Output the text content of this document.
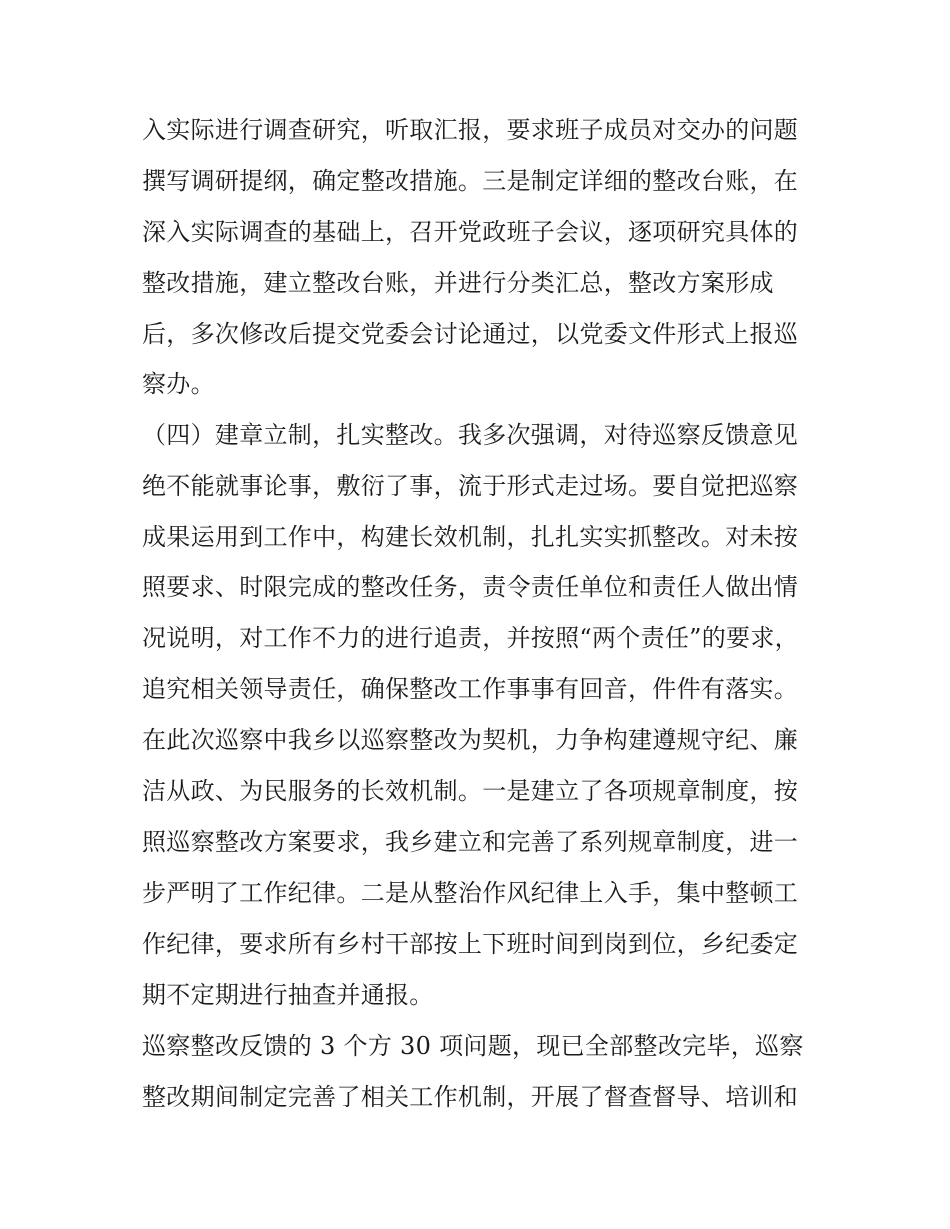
入实际进行调查研究，听取汇报，要求班子成员对交办的问题
撰写调研提纲，确定整改措施。三是制定详细的整改台账，在
深入实际调查的基础上，召开党政班子会议，逐项研究具体的
整改措施，建立整改台账，并进行分类汇总，整改方案形成
后，多次修改后提交党委会讨论通过，以党委文件形式上报巡
察办。
（四）建章立制，扎实整改。我多次强调，对待巡察反馈意见
绝不能就事论事，敷衍了事，流于形式走过场。要自觉把巡察
成果运用到工作中，构建长效机制，扎扎实实抓整改。对未按
照要求、时限完成的整改任务，责令责任单位和责任人做出情
况说明，对工作不力的进行追责，并按照“两个责任”的要求，
追究相关领导责任，确保整改工作事事有回音，件件有落实。
在此次巡察中我乡以巡察整改为契机，力争构建遵规守纪、廉
洁从政、为民服务的长效机制。一是建立了各项规章制度，按
照巡察整改方案要求，我乡建立和完善了系列规章制度，进一
步严明了工作纪律。二是从整治作风纪律上入手，集中整顿工
作纪律，要求所有乡村干部按上下班时间到岗到位，乡纪委定
期不定期进行抽查并通报。
巡察整改反馈的 3 个方 30 项问题，现已全部整改完毕，巡察
整改期间制定完善了相关工作机制，开展了督查督导、培训和
